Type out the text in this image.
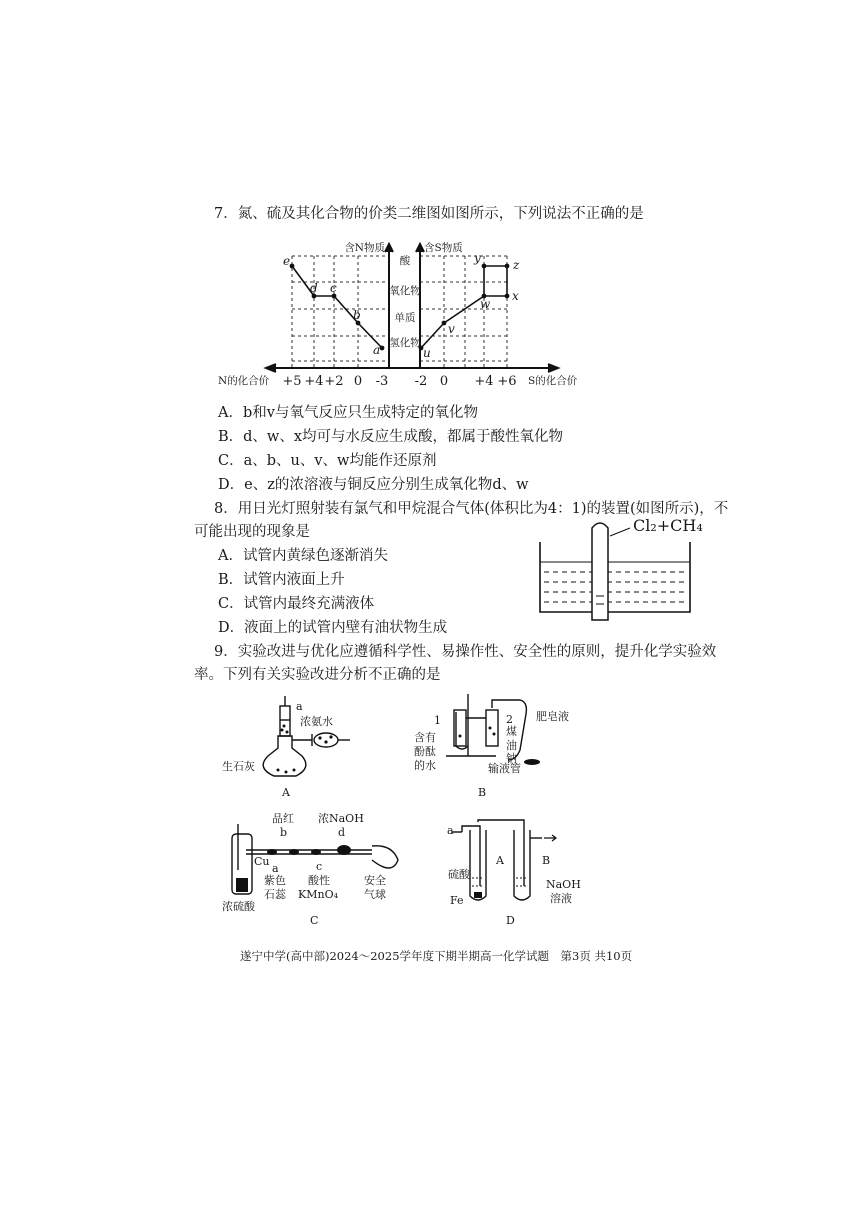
7．氮、硫及其化合物的价类二维图如图所示，下列说法不正确的是
含N物质	含S物质
N的化合价	S的化合价
酸
氧化物
单质
氢化物
+5 +4 +2 0 -3 -2 0 +4 +6
e
d c
b
a	u
v
w
x
y	z
A．b和v与氧气反应只生成特定的氧化物
B．d、w、x均可与水反应生成酸，都属于酸性氧化物
C．a、b、u、v、w均能作还原剂
D．e、z的浓溶液与铜反应分别生成氧化物d、w
8．用日光灯照射装有氯气和甲烷混合气体(体积比为4：1)的装置(如图所示)，不
可能出现的现象是
A．试管内黄绿色逐渐消失
B．试管内液面上升
C．试管内最终充满液体
D．液面上的试管内壁有油状物生成
Cl₂+CH₄
9．实验改进与优化应遵循科学性、易操作性、安全性的原则，提升化学实验效
率。下列有关实验改进分析不正确的是
a
浓氨水
生石灰
A
1	2
含有
酚酞
的水
煤
油
钠
肥皂液
输液管
B
品红
b
浓NaOH
d
Cu
a
紫色
石蕊
c
酸性
KMnO₄
安全
气球
浓硫酸
C
a
A	B
硫酸
Fe
NaOH
溶液
D
遂宁中学(高中部)2024～2025学年度下期半期高一化学试题　第3页 共10页
